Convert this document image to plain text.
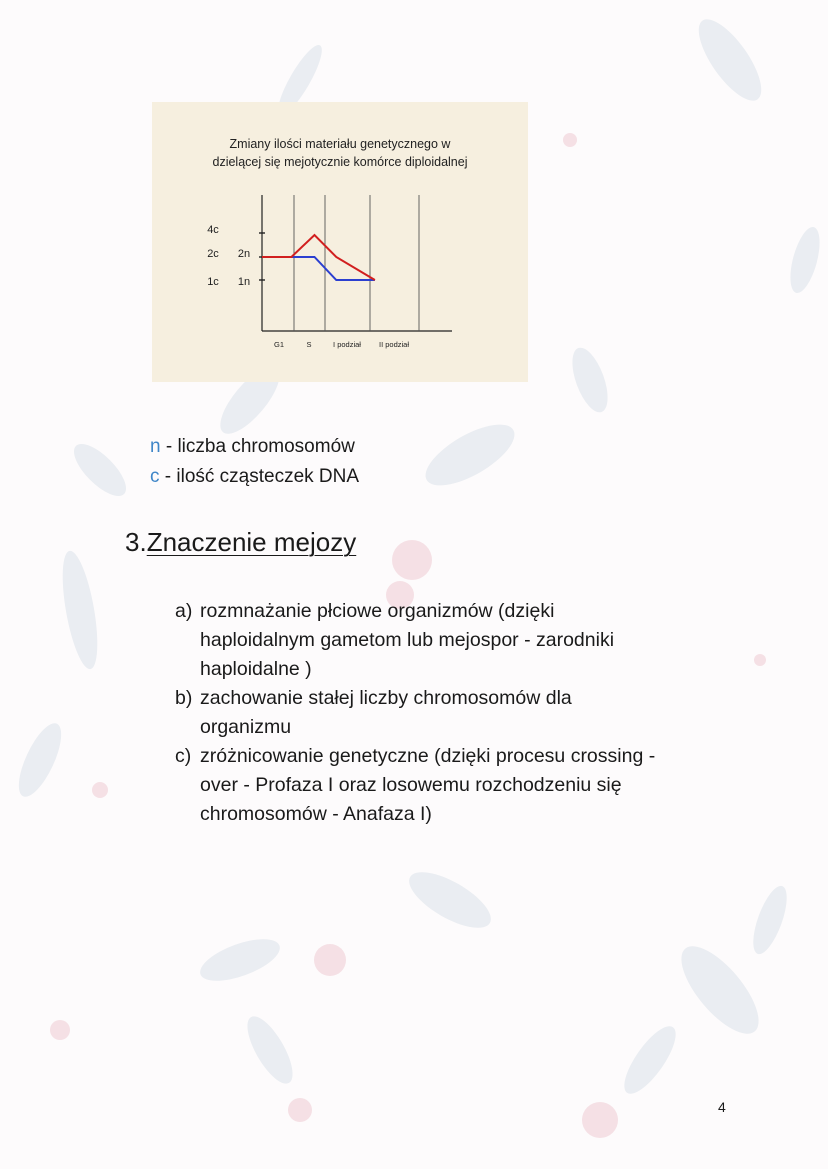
Zmiany ilości materiału genetycznego w
dzielącej się mejotycznie komórce diploidalnej
4c
2c
1c
2n
1n
G1	S	I podział II podział
n - liczba chromosomów
c - ilość cząsteczek DNA
3.Znaczenie mejozy
a) rozmnażanie płciowe organizmów (dzięki
haploidalnym gametom lub mejospor - zarodniki
haploidalne )
b) zachowanie stałej liczby chromosomów dla
organizmu
c) zróżnicowanie genetyczne (dzięki procesu crossing -
over - Profaza I oraz losowemu rozchodzeniu się
chromosomów - Anafaza I)
4
